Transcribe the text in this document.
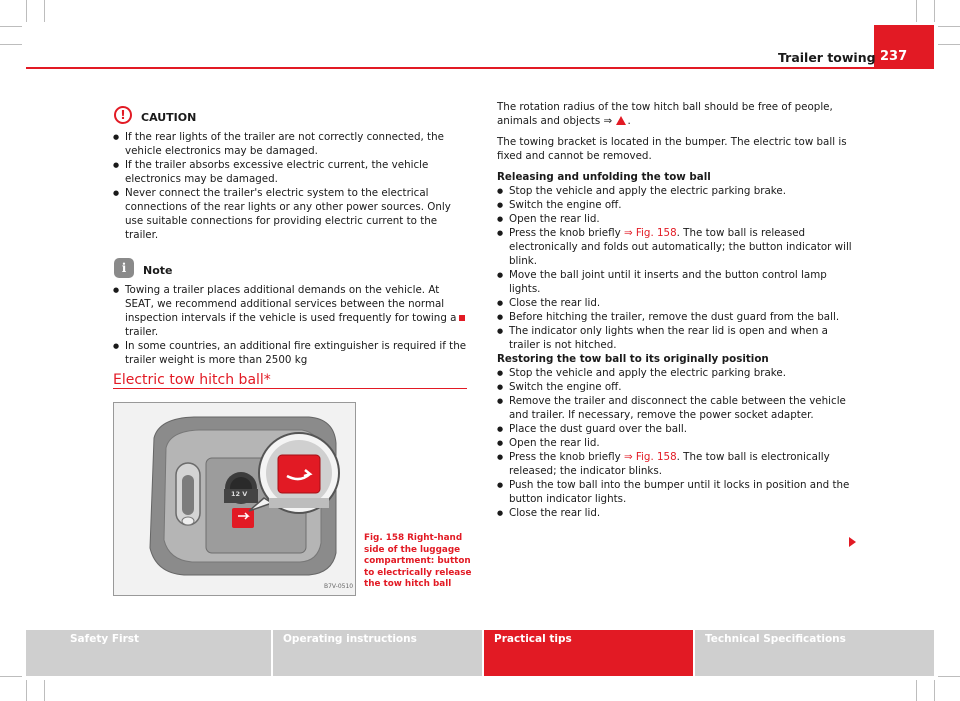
Trailer towing 237
!	CAUTION

● If the rear lights of the trailer are not correctly connected, the vehicle electronics may be damaged.

● If the trailer absorbs excessive electric current, the vehicle electronics may be damaged.

● Never connect the trailer's electric system to the electrical connections of the rear lights or any other power sources. Only use suitable connections for providing electric current to the trailer.

i	Note

● Towing a trailer places additional demands on the vehicle. At SEAT, we recommend additional services between the normal inspection intervals if the vehicle is used frequently for towing a trailer.

● In some countries, an additional fire extinguisher is required if the trailer weight is more than 2500 kg

Electric tow hitch ball*
12 V
B7V-0510
Fig. 158 Right-hand side of the luggage compartment: button to electrically release the tow hitch ball

The rotation radius of the tow hitch ball should be free of people, animals and objects ⇒ .

The towing bracket is located in the bumper. The electric tow ball is fixed and cannot be removed.

Releasing and unfolding the tow ball

● Stop the vehicle and apply the electric parking brake.

● Switch the engine off.

● Open the rear lid.

● Press the knob briefly ⇒ Fig. 158. The tow ball is released electronically and folds out automatically; the button indicator will blink.

● Move the ball joint until it inserts and the button control lamp lights.

● Close the rear lid.

● Before hitching the trailer, remove the dust guard from the ball.

● The indicator only lights when the rear lid is open and when a trailer is not hitched.

Restoring the tow ball to its originally position

● Stop the vehicle and apply the electric parking brake.

● Switch the engine off.

● Remove the trailer and disconnect the cable between the vehicle and trailer. If necessary, remove the power socket adapter.

● Place the dust guard over the ball.

● Open the rear lid.

● Press the knob briefly ⇒ Fig. 158. The tow ball is electronically released; the indicator blinks.

● Push the tow ball into the bumper until it locks in position and the button indicator lights.

● Close the rear lid.

Safety First	Operating instructions	Practical tips	Technical Specifications
